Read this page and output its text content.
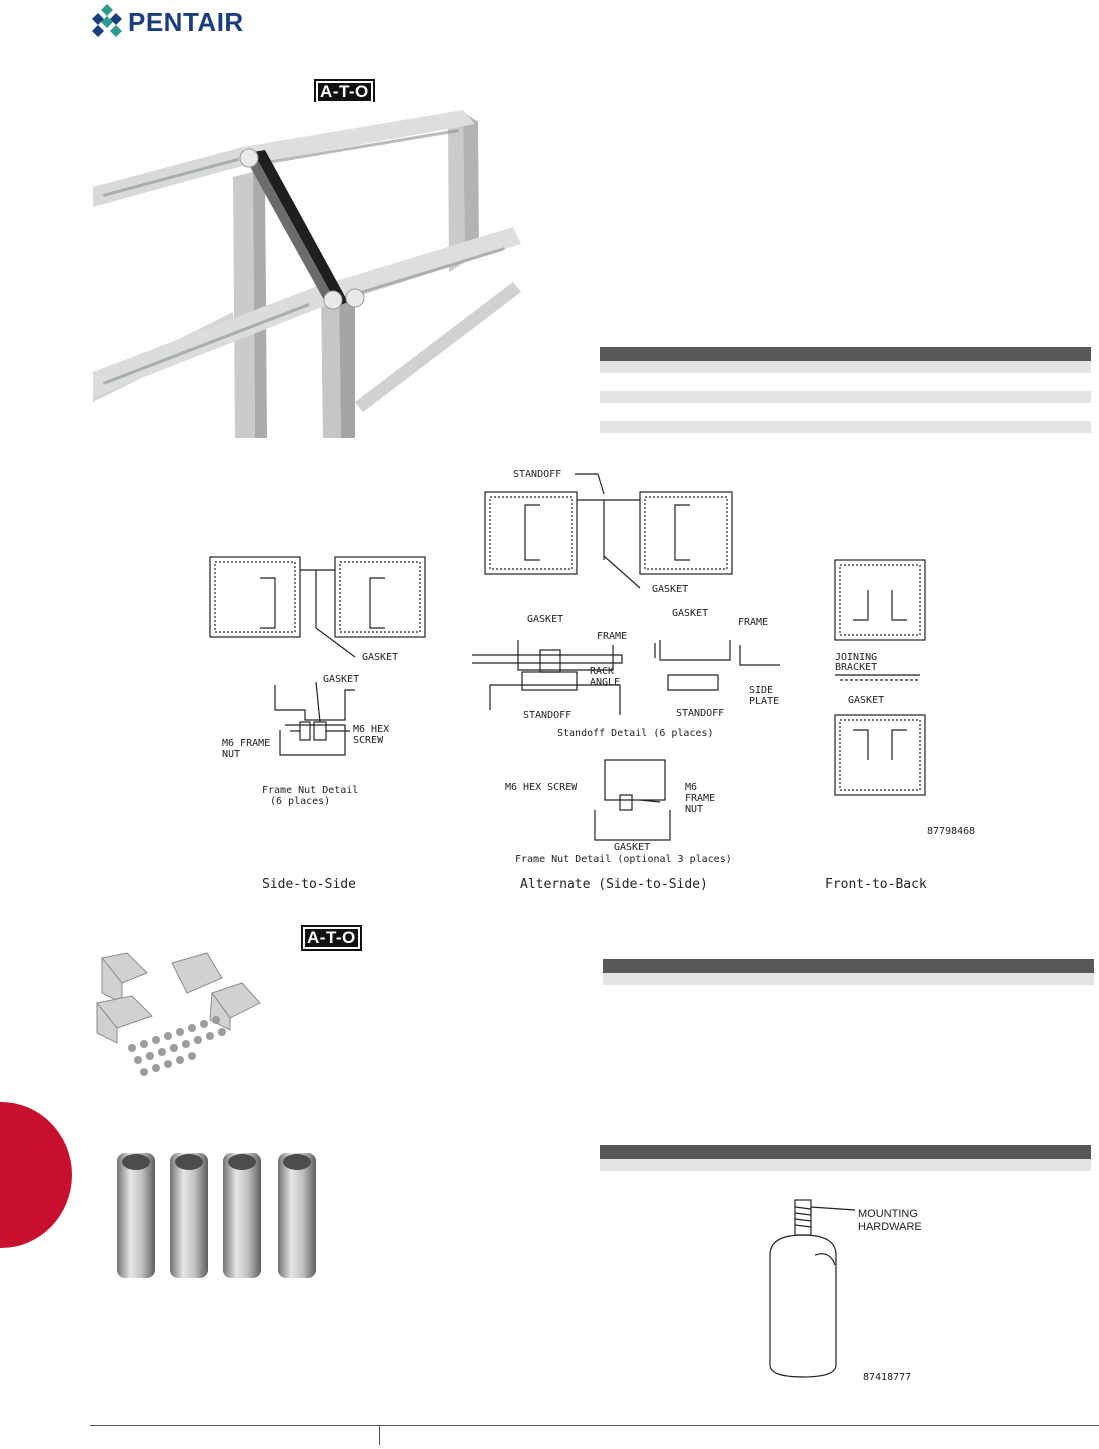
PENTAIR
A-T-O
STANDOFF
GASKET
GASKET
GASKET
M6 FRAME
NUT
M6 HEX
SCREW
Frame Nut Detail
(6 places)
GASKET
FRAME
RACK
ANGLE
STANDOFF
GASKET
FRAME
SIDE
PLATE
STANDOFF
Standoff Detail (6 places)
M6 HEX SCREW	M6
FRAME
NUT
GASKET
Frame Nut Detail (optional 3 places)
JOINING
BRACKET
GASKET
87798468
Side-to-Side	Alternate (Side-to-Side)	Front-to-Back
A-T-O
MOUNTING
HARDWARE
87418777
